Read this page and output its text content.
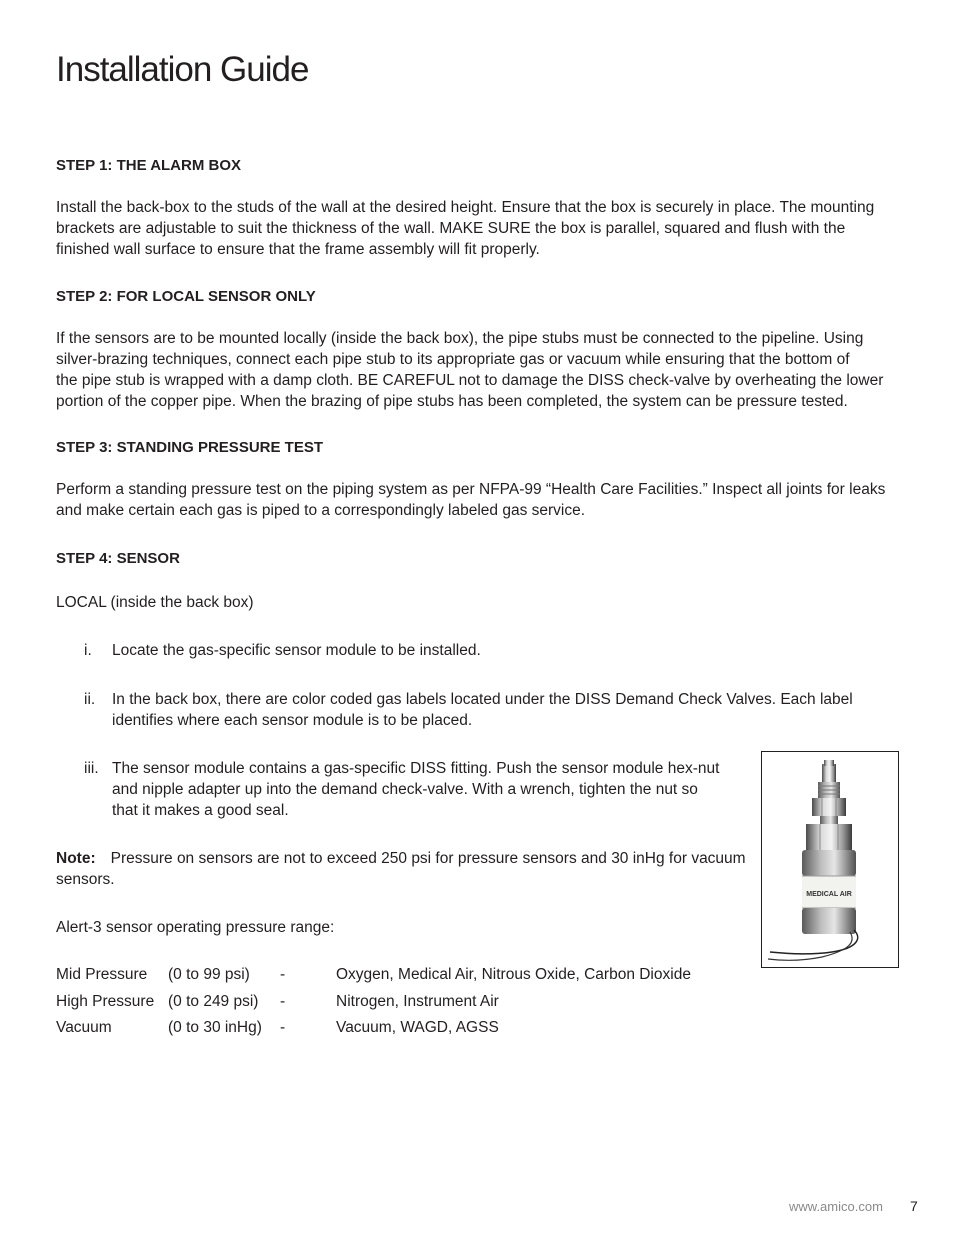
Installation Guide
STEP 1: THE ALARM BOX
Install the back-box to the studs of the wall at the desired height. Ensure that the box is securely in place. The mounting
brackets are adjustable to suit the thickness of the wall. MAKE SURE the box is parallel, squared and flush with the
finished wall surface to ensure that the frame assembly will fit properly.
STEP 2: FOR LOCAL SENSOR ONLY
If the sensors are to be mounted locally (inside the back box), the pipe stubs must be connected to the pipeline. Using
silver-brazing techniques, connect each pipe stub to its appropriate gas or vacuum while ensuring that the bottom of
the pipe stub is wrapped with a damp cloth. BE CAREFUL not to damage the DISS check-valve by overheating the lower
portion of the copper pipe. When the brazing of pipe stubs has been completed, the system can be pressure tested.
STEP 3: STANDING PRESSURE TEST
Perform a standing pressure test on the piping system as per NFPA-99 “Health Care Facilities.” Inspect all joints for leaks
and make certain each gas is piped to a correspondingly labeled gas service.
STEP 4: SENSOR
LOCAL (inside the back box)
i. Locate the gas-specific sensor module to be installed.
ii. In the back box, there are color coded gas labels located under the DISS Demand Check Valves. Each label
identifies where each sensor module is to be placed.
iii. The sensor module contains a gas-specific DISS fitting. Push the sensor module hex-nut
and nipple adapter up into the demand check-valve. With a wrench, tighten the nut so
that it makes a good seal.
Note: Pressure on sensors are not to exceed 250 psi for pressure sensors and 30 inHg for vacuum
sensors.
Alert-3 sensor operating pressure range:
Mid Pressure (0 to 99 psi) -	Oxygen, Medical Air, Nitrous Oxide, Carbon Dioxide
High Pressure (0 to 249 psi) -	Nitrogen, Instrument Air
Vacuum	(0 to 30 inHg) -	Vacuum, WAGD, AGSS
MEDICAL AIR
www.amico.com 7
